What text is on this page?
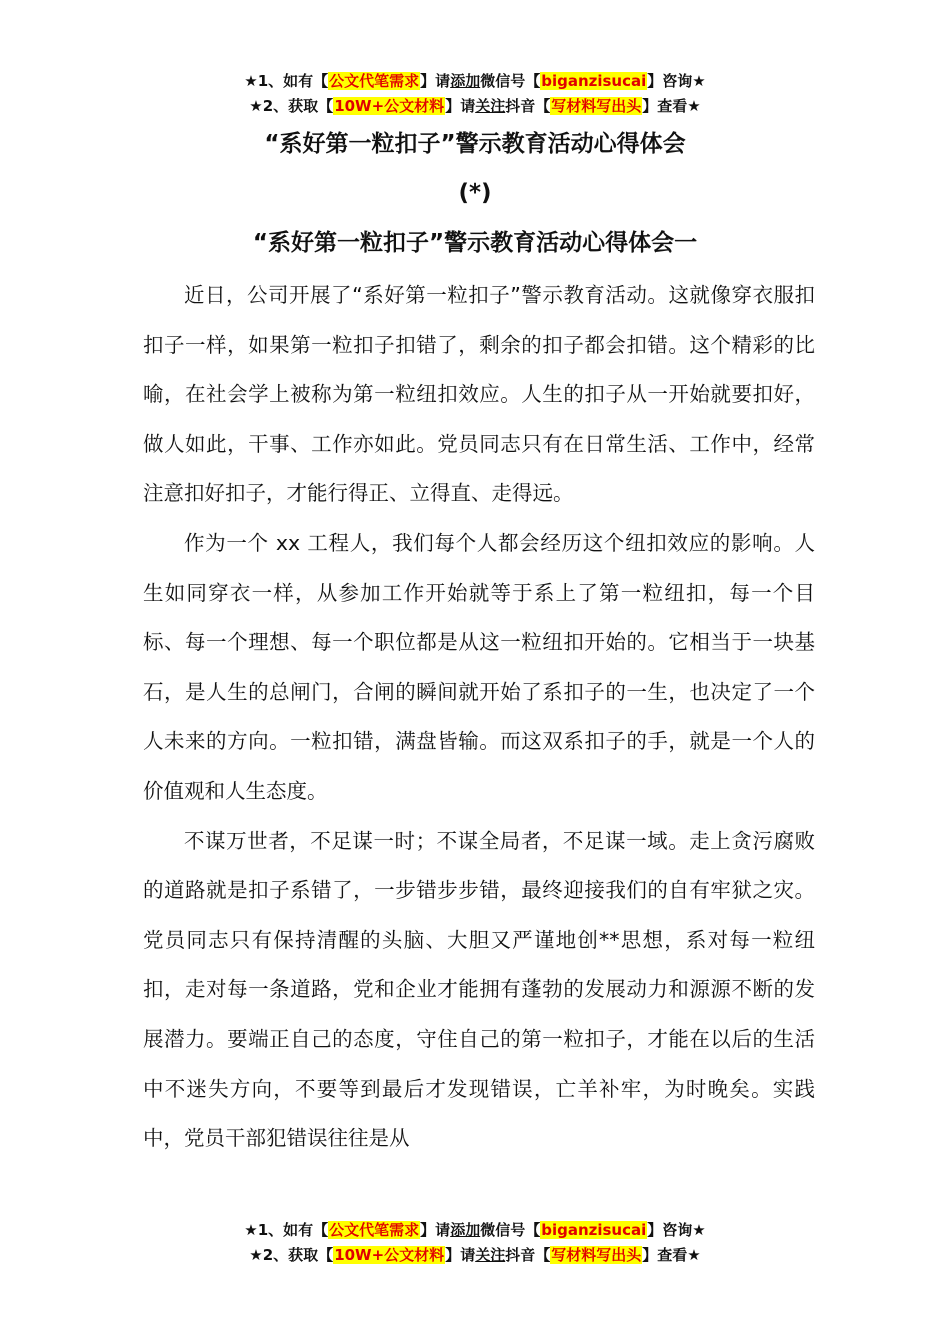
★1、如有【公文代笔需求】请添加微信号【biganzisucai】咨询★
★2、获取【10W+公文材料】请关注抖音【写材料写出头】查看★
“系好第一粒扣子”警示教育活动心得体会
(*)
“系好第一粒扣子”警示教育活动心得体会一

近日，公司开展了“系好第一粒扣子”警示教育活动。这就像穿衣服扣扣子一样，如果第一粒扣子扣错了，剩余的扣子都会扣错。这个精彩的比喻，在社会学上被称为第一粒纽扣效应。人生的扣子从一开始就要扣好，做人如此，干事、工作亦如此。党员同志只有在日常生活、工作中，经常注意扣好扣子，才能行得正、立得直、走得远。

作为一个 xx 工程人，我们每个人都会经历这个纽扣效应的影响。人生如同穿衣一样，从参加工作开始就等于系上了第一粒纽扣，每一个目标、每一个理想、每一个职位都是从这一粒纽扣开始的。它相当于一块基石，是人生的总闸门，合闸的瞬间就开始了系扣子的一生，也决定了一个人未来的方向。一粒扣错，满盘皆输。而这双系扣子的手，就是一个人的价值观和人生态度。

不谋万世者，不足谋一时；不谋全局者，不足谋一域。走上贪污腐败的道路就是扣子系错了，一步错步步错，最终迎接我们的自有牢狱之灾。党员同志只有保持清醒的头脑、大胆又严谨地创**思想，系对每一粒纽扣，走对每一条道路，党和企业才能拥有蓬勃的发展动力和源源不断的发展潜力。要端正自己的态度，守住自己的第一粒扣子，才能在以后的生活中不迷失方向，不要等到最后才发现错误，亡羊补牢，为时晚矣。实践中，党员干部犯错误往往是从

★1、如有【公文代笔需求】请添加微信号【biganzisucai】咨询★
★2、获取【10W+公文材料】请关注抖音【写材料写出头】查看★
